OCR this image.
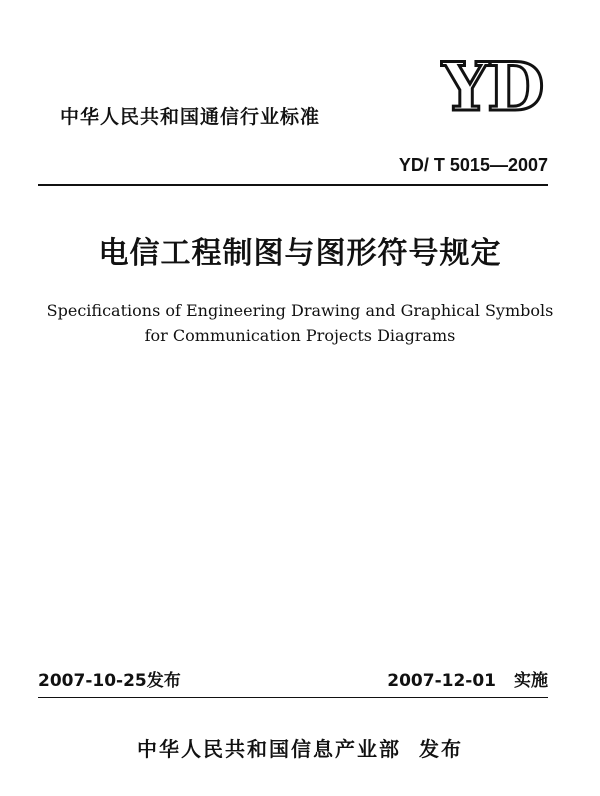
YD
中华人民共和国通信行业标准
YD/ T 5015—2007
电信工程制图与图形符号规定
Specifications of Engineering Drawing and Graphical Symbols
for Communication Projects Diagrams
2007-10-25发布	2007-12-01 实施
中华人民共和国信息产业部 发布
